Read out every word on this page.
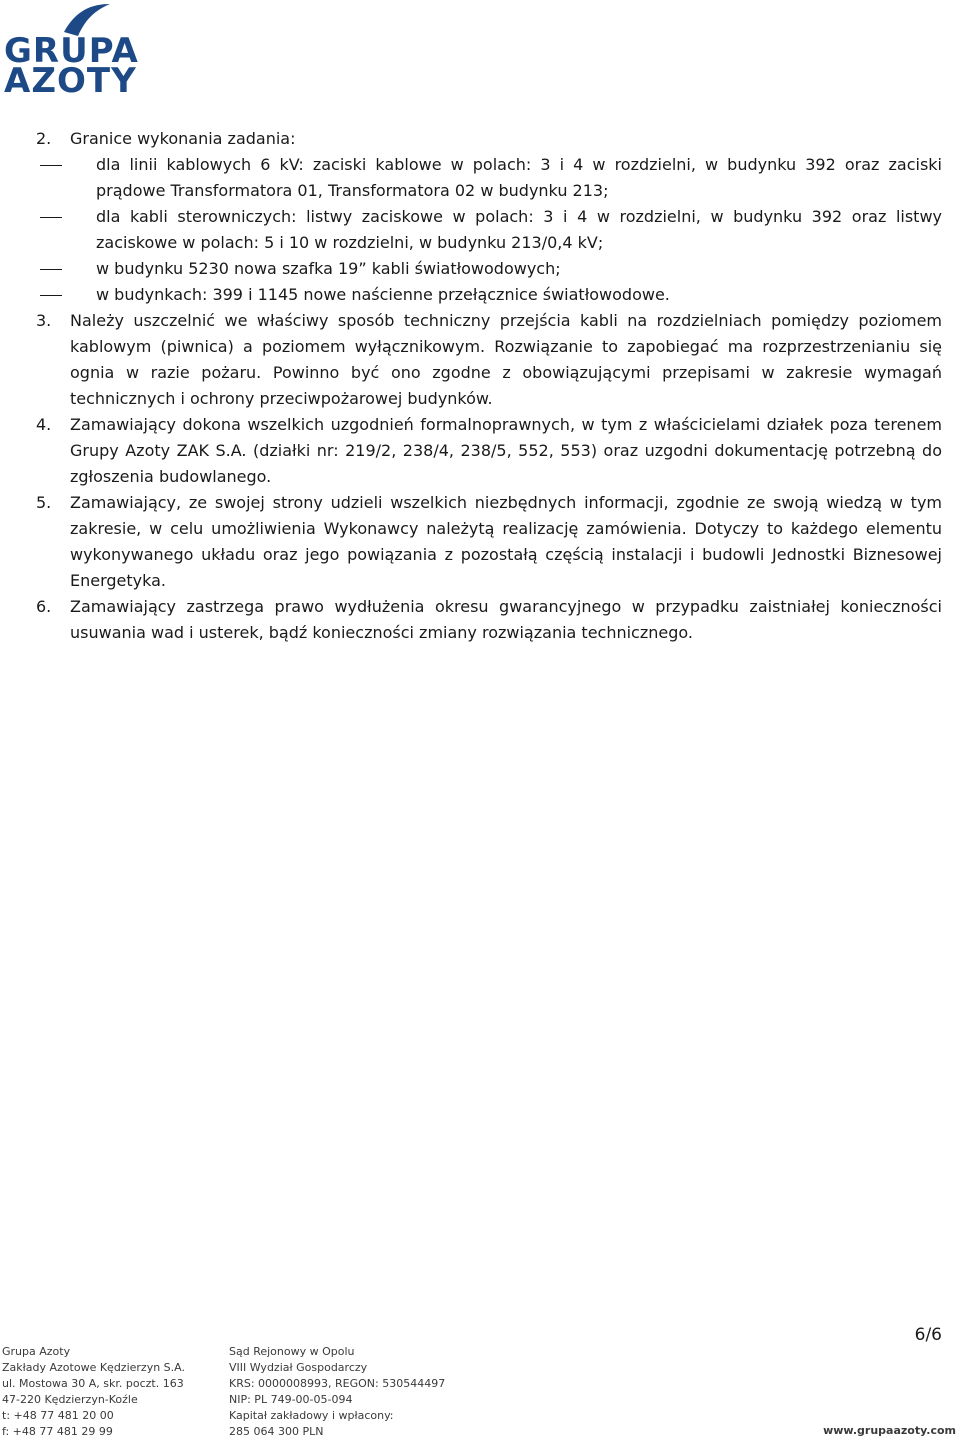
GRUPA
AZOTY
2.	Granice wykonania zadania:
dla linii kablowych 6 kV: zaciski kablowe w polach: 3 i 4 w rozdzielni, w budynku 392 oraz zaciski prądowe Transformatora 01, Transformatora 02 w budynku 213;
dla kabli sterowniczych: listwy zaciskowe w polach: 3 i 4 w rozdzielni, w budynku 392 oraz listwy zaciskowe w polach: 5 i 10 w rozdzielni, w budynku 213/0,4 kV;
w budynku 5230 nowa szafka 19” kabli światłowodowych;
w budynkach: 399 i 1145 nowe naścienne przełącznice światłowodowe.
3.	Należy uszczelnić we właściwy sposób techniczny przejścia kabli na rozdzielniach pomiędzy poziomem kablowym (piwnica) a poziomem wyłącznikowym. Rozwiązanie to zapobiegać ma rozprzestrzenianiu się ognia w razie pożaru. Powinno być ono zgodne z obowiązującymi przepisami w zakresie wymagań technicznych i ochrony przeciwpożarowej budynków.
4.	Zamawiający dokona wszelkich uzgodnień formalnoprawnych, w tym z właścicielami działek poza terenem Grupy Azoty ZAK S.A. (działki nr: 219/2, 238/4, 238/5, 552, 553) oraz uzgodni dokumentację potrzebną do zgłoszenia budowlanego.
5.	Zamawiający, ze swojej strony udzieli wszelkich niezbędnych informacji, zgodnie ze swoją wiedzą w tym zakresie, w celu umożliwienia Wykonawcy należytą realizację zamówienia. Dotyczy to każdego elementu wykonywanego układu oraz jego powiązania z pozostałą częścią instalacji i budowli Jednostki Biznesowej Energetyka.
6.	Zamawiający zastrzega prawo wydłużenia okresu gwarancyjnego w przypadku zaistniałej konieczności usuwania wad i usterek, bądź konieczności zmiany rozwiązania technicznego.
6/6
Grupa Azoty
Zakłady Azotowe Kędzierzyn S.A.
ul. Mostowa 30 A, skr. poczt. 163
47-220 Kędzierzyn-Koźle
t: +48 77 481 20 00
f: +48 77 481 29 99
Sąd Rejonowy w Opolu
VIII Wydział Gospodarczy
KRS: 0000008993, REGON: 530544497
NIP: PL 749-00-05-094
Kapitał zakładowy i wpłacony:
285 064 300 PLN	www.grupaazoty.com
